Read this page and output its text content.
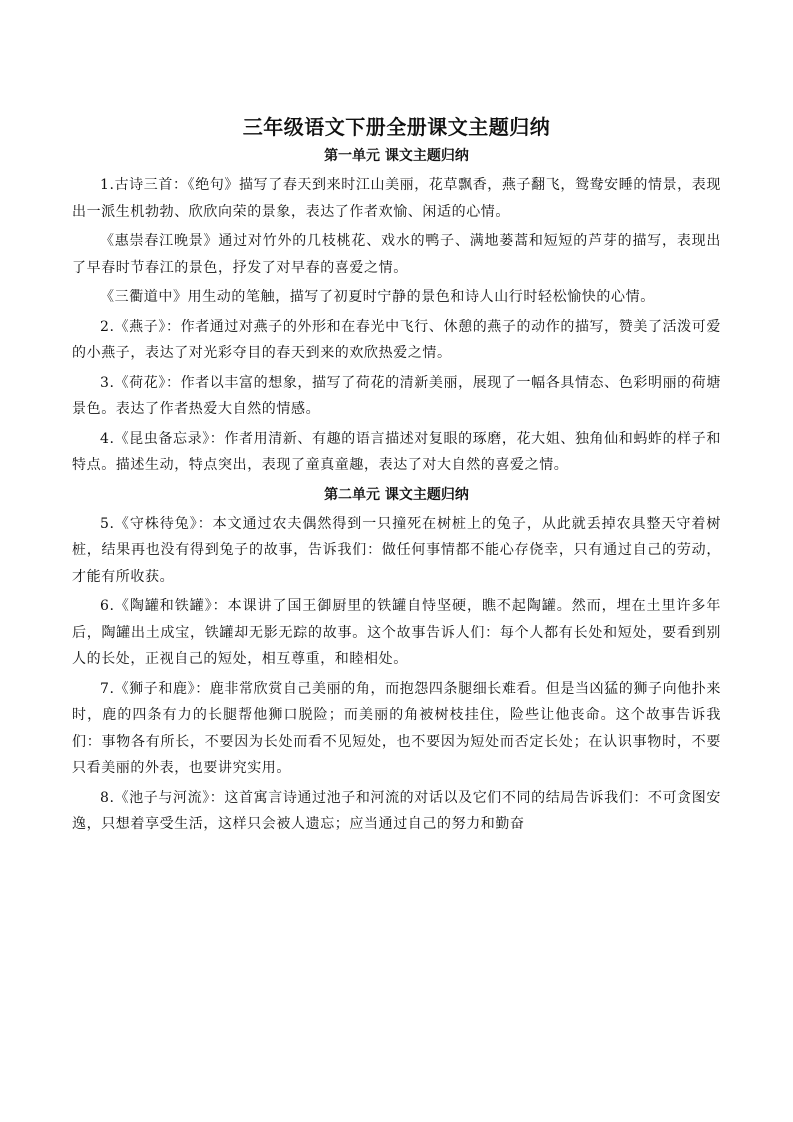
三年级语文下册全册课文主题归纳
第一单元 课文主题归纳

1.古诗三首：《绝句》描写了春天到来时江山美丽，花草飘香，燕子翻飞，鸳鸯安睡的情景，表现出一派生机勃勃、欣欣向荣的景象，表达了作者欢愉、闲适的心情。

《惠崇春江晚景》通过对竹外的几枝桃花、戏水的鸭子、满地蒌蒿和短短的芦芽的描写，表现出了早春时节春江的景色，抒发了对早春的喜爱之情。

《三衢道中》用生动的笔触，描写了初夏时宁静的景色和诗人山行时轻松愉快的心情。

2.《燕子》：作者通过对燕子的外形和在春光中飞行、休憩的燕子的动作的描写，赞美了活泼可爱的小燕子，表达了对光彩夺目的春天到来的欢欣热爱之情。

3.《荷花》：作者以丰富的想象，描写了荷花的清新美丽，展现了一幅各具情态、色彩明丽的荷塘景色。表达了作者热爱大自然的情感。

4.《昆虫备忘录》：作者用清新、有趣的语言描述对复眼的琢磨，花大姐、独角仙和蚂蚱的样子和特点。描述生动，特点突出，表现了童真童趣，表达了对大自然的喜爱之情。

第二单元 课文主题归纳

5.《守株待兔》：本文通过农夫偶然得到一只撞死在树桩上的兔子，从此就丢掉农具整天守着树桩，结果再也没有得到兔子的故事，告诉我们：做任何事情都不能心存侥幸，只有通过自己的劳动，才能有所收获。

6.《陶罐和铁罐》：本课讲了国王御厨里的铁罐自恃坚硬，瞧不起陶罐。然而，埋在土里许多年后，陶罐出土成宝，铁罐却无影无踪的故事。这个故事告诉人们：每个人都有长处和短处，要看到别人的长处，正视自己的短处，相互尊重，和睦相处。

7.《狮子和鹿》：鹿非常欣赏自己美丽的角，而抱怨四条腿细长难看。但是当凶猛的狮子向他扑来时，鹿的四条有力的长腿帮他狮口脱险；而美丽的角被树枝挂住，险些让他丧命。这个故事告诉我们：事物各有所长，不要因为长处而看不见短处，也不要因为短处而否定长处；在认识事物时，不要只看美丽的外表，也要讲究实用。

8.《池子与河流》：这首寓言诗通过池子和河流的对话以及它们不同的结局告诉我们：不可贪图安逸，只想着享受生活，这样只会被人遗忘；应当通过自己的努力和勤奋
